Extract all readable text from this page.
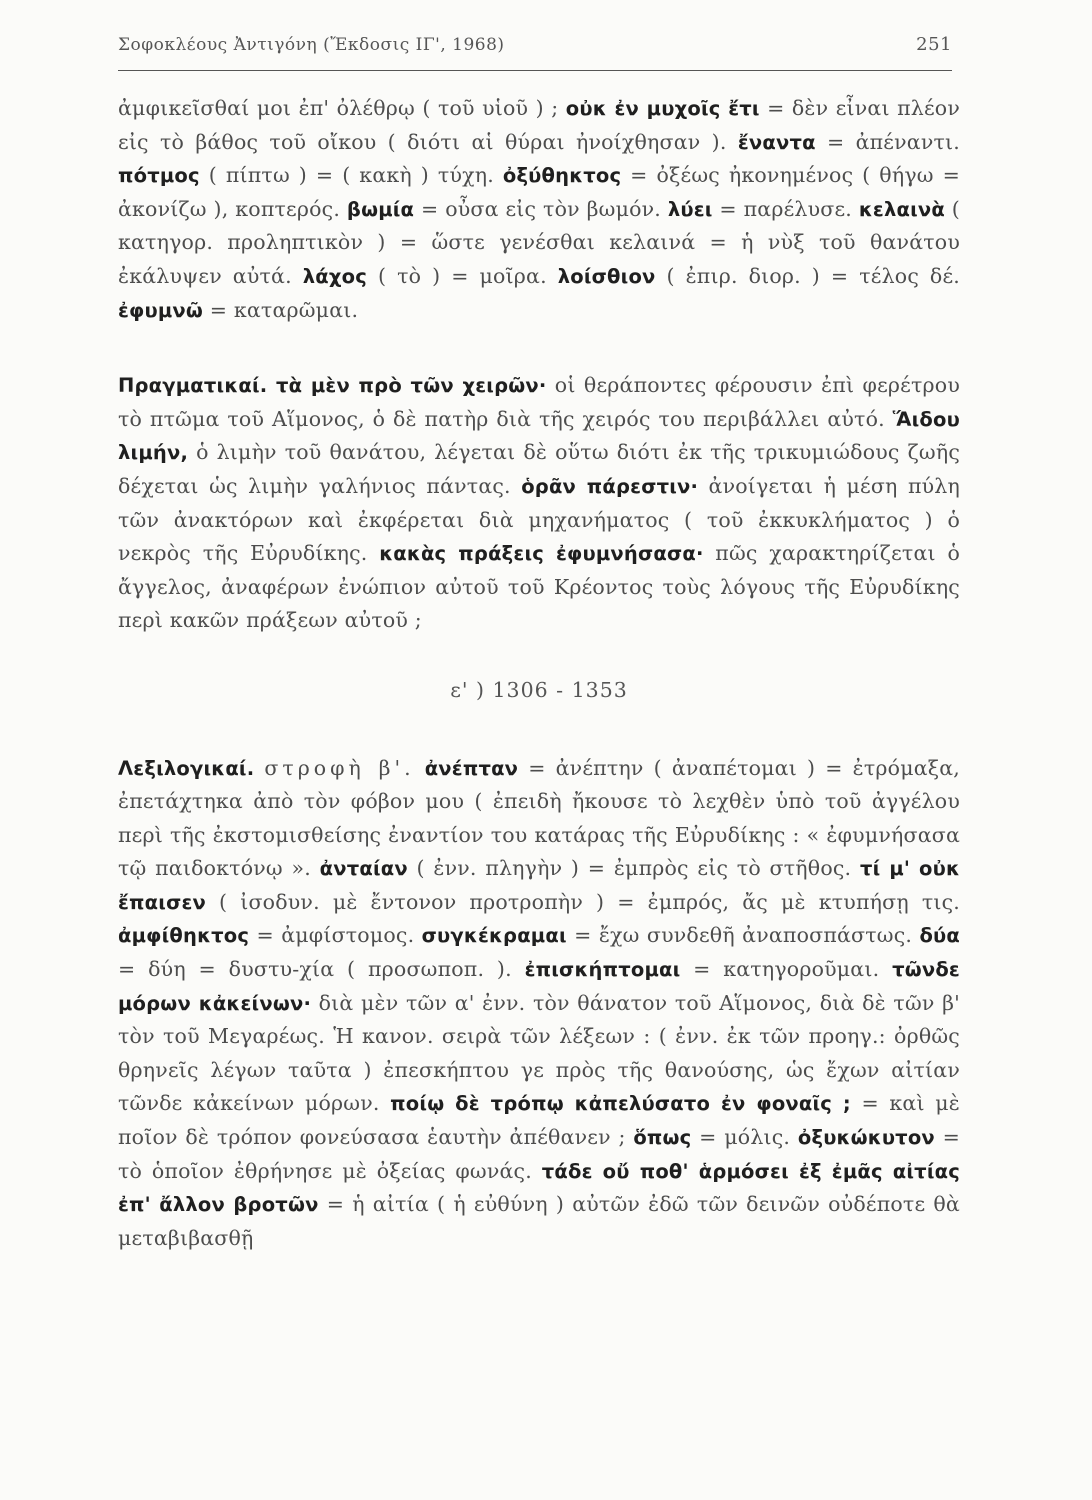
Σοφοκλέους Ἀντιγόνη (Ἔκδοσις ΙΓ', 1968)	251

ἀμφικεῖσθαί μοι ἐπ' ὀλέθρῳ ( τοῦ υἱοῦ ) ; οὐκ ἐν μυχοῖς ἔτι = δὲν εἶναι πλέον εἰς τὸ βάθος τοῦ οἴκου ( διότι αἱ θύραι ἠνοίχθησαν ). ἔναντα = ἀπέναντι. πότμος ( πίπτω ) = ( κακὴ ) τύχη. ὀξύθηκτος = ὀξέως ἠκονημένος ( θήγω = ἀκονίζω ), κοπτερός. βωμία = οὖσα εἰς τὸν βωμόν. λύει = παρέλυσε. κελαινὰ ( κατηγορ. προληπτικὸν ) = ὥστε γενέσθαι κελαινά = ἡ νὺξ τοῦ θανάτου ἐκάλυψεν αὐτά. λάχος ( τὸ ) = μοῖρα. λοίσθιον ( ἐπιρ. διορ. ) = τέλος δέ. ἐφυμνῶ = καταρῶμαι.

Πραγματικαί. τὰ μὲν πρὸ τῶν χειρῶν· οἱ θεράποντες φέρουσιν ἐπὶ φερέτρου τὸ πτῶμα τοῦ Αἵμονος, ὁ δὲ πατὴρ διὰ τῆς χειρός του περιβάλλει αὐτό. Ἅιδου λιμήν, ὁ λιμὴν τοῦ θανάτου, λέγεται δὲ οὕτω διότι ἐκ τῆς τρικυμιώδους ζωῆς δέχεται ὡς λιμὴν γαλήνιος πάντας. ὁρᾶν πάρεστιν· ἀνοίγεται ἡ μέση πύλη τῶν ἀνακτόρων καὶ ἐκφέρεται διὰ μηχανήματος ( τοῦ ἐκκυκλήματος ) ὁ νεκρὸς τῆς Εὐρυδίκης. κακὰς πράξεις ἐφυμνήσασα· πῶς χαρακτηρίζεται ὁ ἄγγελος, ἀναφέρων ἐνώπιον αὐτοῦ τοῦ Κρέοντος τοὺς λόγους τῆς Εὐρυδίκης περὶ κακῶν πράξεων αὐτοῦ ;

ε' ) 1306 - 1353

Λεξιλογικαί. στροφὴ β'. ἀνέπταν = ἀνέπτην ( ἀναπέτομαι ) = ἐτρόμαξα, ἐπετάχτηκα ἀπὸ τὸν φόβον μου ( ἐπειδὴ ἤκουσε τὸ λεχθὲν ὑπὸ τοῦ ἀγγέλου περὶ τῆς ἐκστομισθείσης ἐναντίον του κατάρας τῆς Εὐρυδίκης : « ἐφυμνήσασα τῷ παιδοκτόνῳ ». ἀνταίαν ( ἐνν. πληγὴν ) = ἐμπρὸς εἰς τὸ στῆθος. τί μ' οὐκ ἔπαισεν ( ἰσοδυν. μὲ ἔντονον προτροπὴν ) = ἐμπρός, ἄς μὲ κτυπήσῃ τις. ἀμφίθηκτος = ἀμφίστομος. συγκέκραμαι = ἔχω συνδεθῆ ἀναποσπάστως. δύα = δύη = δυστυ-χία ( προσωποπ. ). ἐπισκήπτομαι = κατηγοροῦμαι. τῶνδε μόρων κἀκείνων· διὰ μὲν τῶν α' ἐνν. τὸν θάνατον τοῦ Αἵμονος, διὰ δὲ τῶν β' τὸν τοῦ Μεγαρέως. Ἡ κανον. σειρὰ τῶν λέξεων : ( ἐνν. ἐκ τῶν προηγ.: ὀρθῶς θρηνεῖς λέγων ταῦτα ) ἐπεσκήπτου γε πρὸς τῆς θανούσης, ὡς ἔχων αἰτίαν τῶνδε κἀκείνων μόρων. ποίῳ δὲ τρόπῳ κἀπελύσατο ἐν φοναῖς ; = καὶ μὲ ποῖον δὲ τρόπον φονεύσασα ἑαυτὴν ἀπέθανεν ; ὅπως = μόλις. ὀξυκώκυτον = τὸ ὁποῖον ἐθρήνησε μὲ ὀξείας φωνάς. τάδε οὔ ποθ' ἁρμόσει ἐξ ἐμᾶς αἰτίας ἐπ' ἄλλον βροτῶν = ἡ αἰτία ( ἡ εὐθύνη ) αὐτῶν ἐδῶ τῶν δεινῶν οὐδέποτε θὰ μεταβιβασθῇ
